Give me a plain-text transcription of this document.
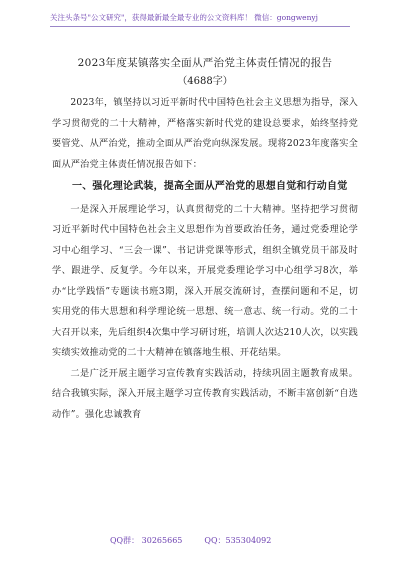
关注头条号"公文研究"，获得最新最全最专业的公文资料库！ 微信：gongwenyj

2023年度某镇落实全面从严治党主体责任情况的报告

（4688字）

2023年，镇坚持以习近平新时代中国特色社会主义思想为指导，深入学习贯彻党的二十大精神，严格落实新时代党的建设总要求，始终坚持党要管党、从严治党，推动全面从严治党向纵深发展。现将2023年度落实全面从严治党主体责任情况报告如下：

一、强化理论武装，提高全面从严治党的思想自觉和行动自觉

一是深入开展理论学习，认真贯彻党的二十大精神。坚持把学习贯彻习近平新时代中国特色社会主义思想作为首要政治任务，通过党委理论学习中心组学习、“三会一课”、书记讲党课等形式，组织全镇党员干部及时学、跟进学、反复学。今年以来，开展党委理论学习中心组学习8次，举办“比学践悟”专题读书班3期，深入开展交流研讨，查摆问题和不足，切实用党的伟大思想和科学理论统一思想、统一意志、统一行动。党的二十大召开以来，先后组织4次集中学习研讨班，培训人次达210人次，以实践实绩实效推动党的二十大精神在镇落地生根、开花结果。

二是广泛开展主题学习宣传教育实践活动，持续巩固主题教育成果。结合我镇实际，深入开展主题学习宣传教育实践活动，不断丰富创新“自选动作”。强化忠诚教育

QQ群： 30265665	QQ：535304092
